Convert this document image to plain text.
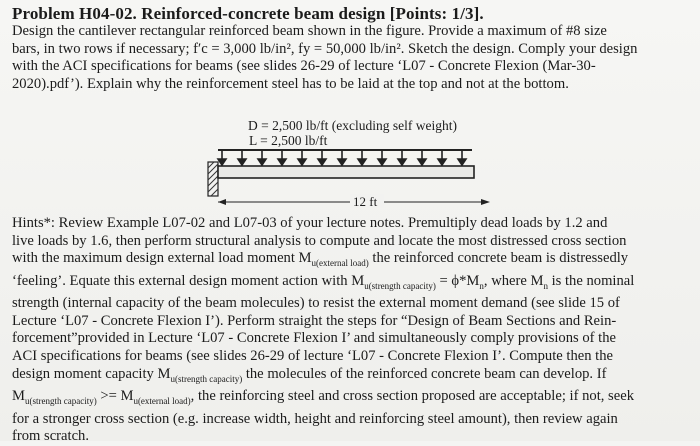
Problem H04-02. Reinforced-concrete beam design [Points: 1/3].
Design the cantilever rectangular reinforced beam shown in the figure. Provide a maximum of #8 size
bars, in two rows if necessary; f′c = 3,000 lb/in², fy = 50,000 lb/in². Sketch the design. Comply your design
with the ACI specifications for beams (see slides 26-29 of lecture ‘L07 - Concrete Flexion (Mar-30-
2020).pdf’). Explain why the reinforcement steel has to be laid at the top and not at the bottom.
D = 2,500 lb/ft (excluding self weight)
L = 2,500 lb/ft
12 ft
Hints*: Review Example L07-02 and L07-03 of your lecture notes. Premultiply dead loads by 1.2 and
live loads by 1.6, then perform structural analysis to compute and locate the most distressed cross section
with the maximum design external load moment $M_{u(external load)}$ the reinforced concrete beam is distressedly
‘feeling’. Equate this external design moment action with $M_{u(strength capacity)} = \phi*M_n$, where $M_n$ is the nominal
strength (internal capacity of the beam molecules) to resist the external moment demand (see slide 15 of
Lecture ‘L07 - Concrete Flexion I’). Perform straight the steps for “Design of Beam Sections and Rein-
forcement”provided in Lecture ‘L07 - Concrete Flexion I’ and simultaneously comply provisions of the
ACI specifications for beams (see slides 26-29 of lecture ‘L07 - Concrete Flexion I’. Compute then the
design moment capacity $M_{u(strength capacity)}$ the molecules of the reinforced concrete beam can develop. If
$M_{u(strength capacity)} >= M_{u(external load)}$, the reinforcing steel and cross section proposed are acceptable; if not, seek
for a stronger cross section (e.g. increase width, height and reinforcing steel amount), then review again
from scratch.
